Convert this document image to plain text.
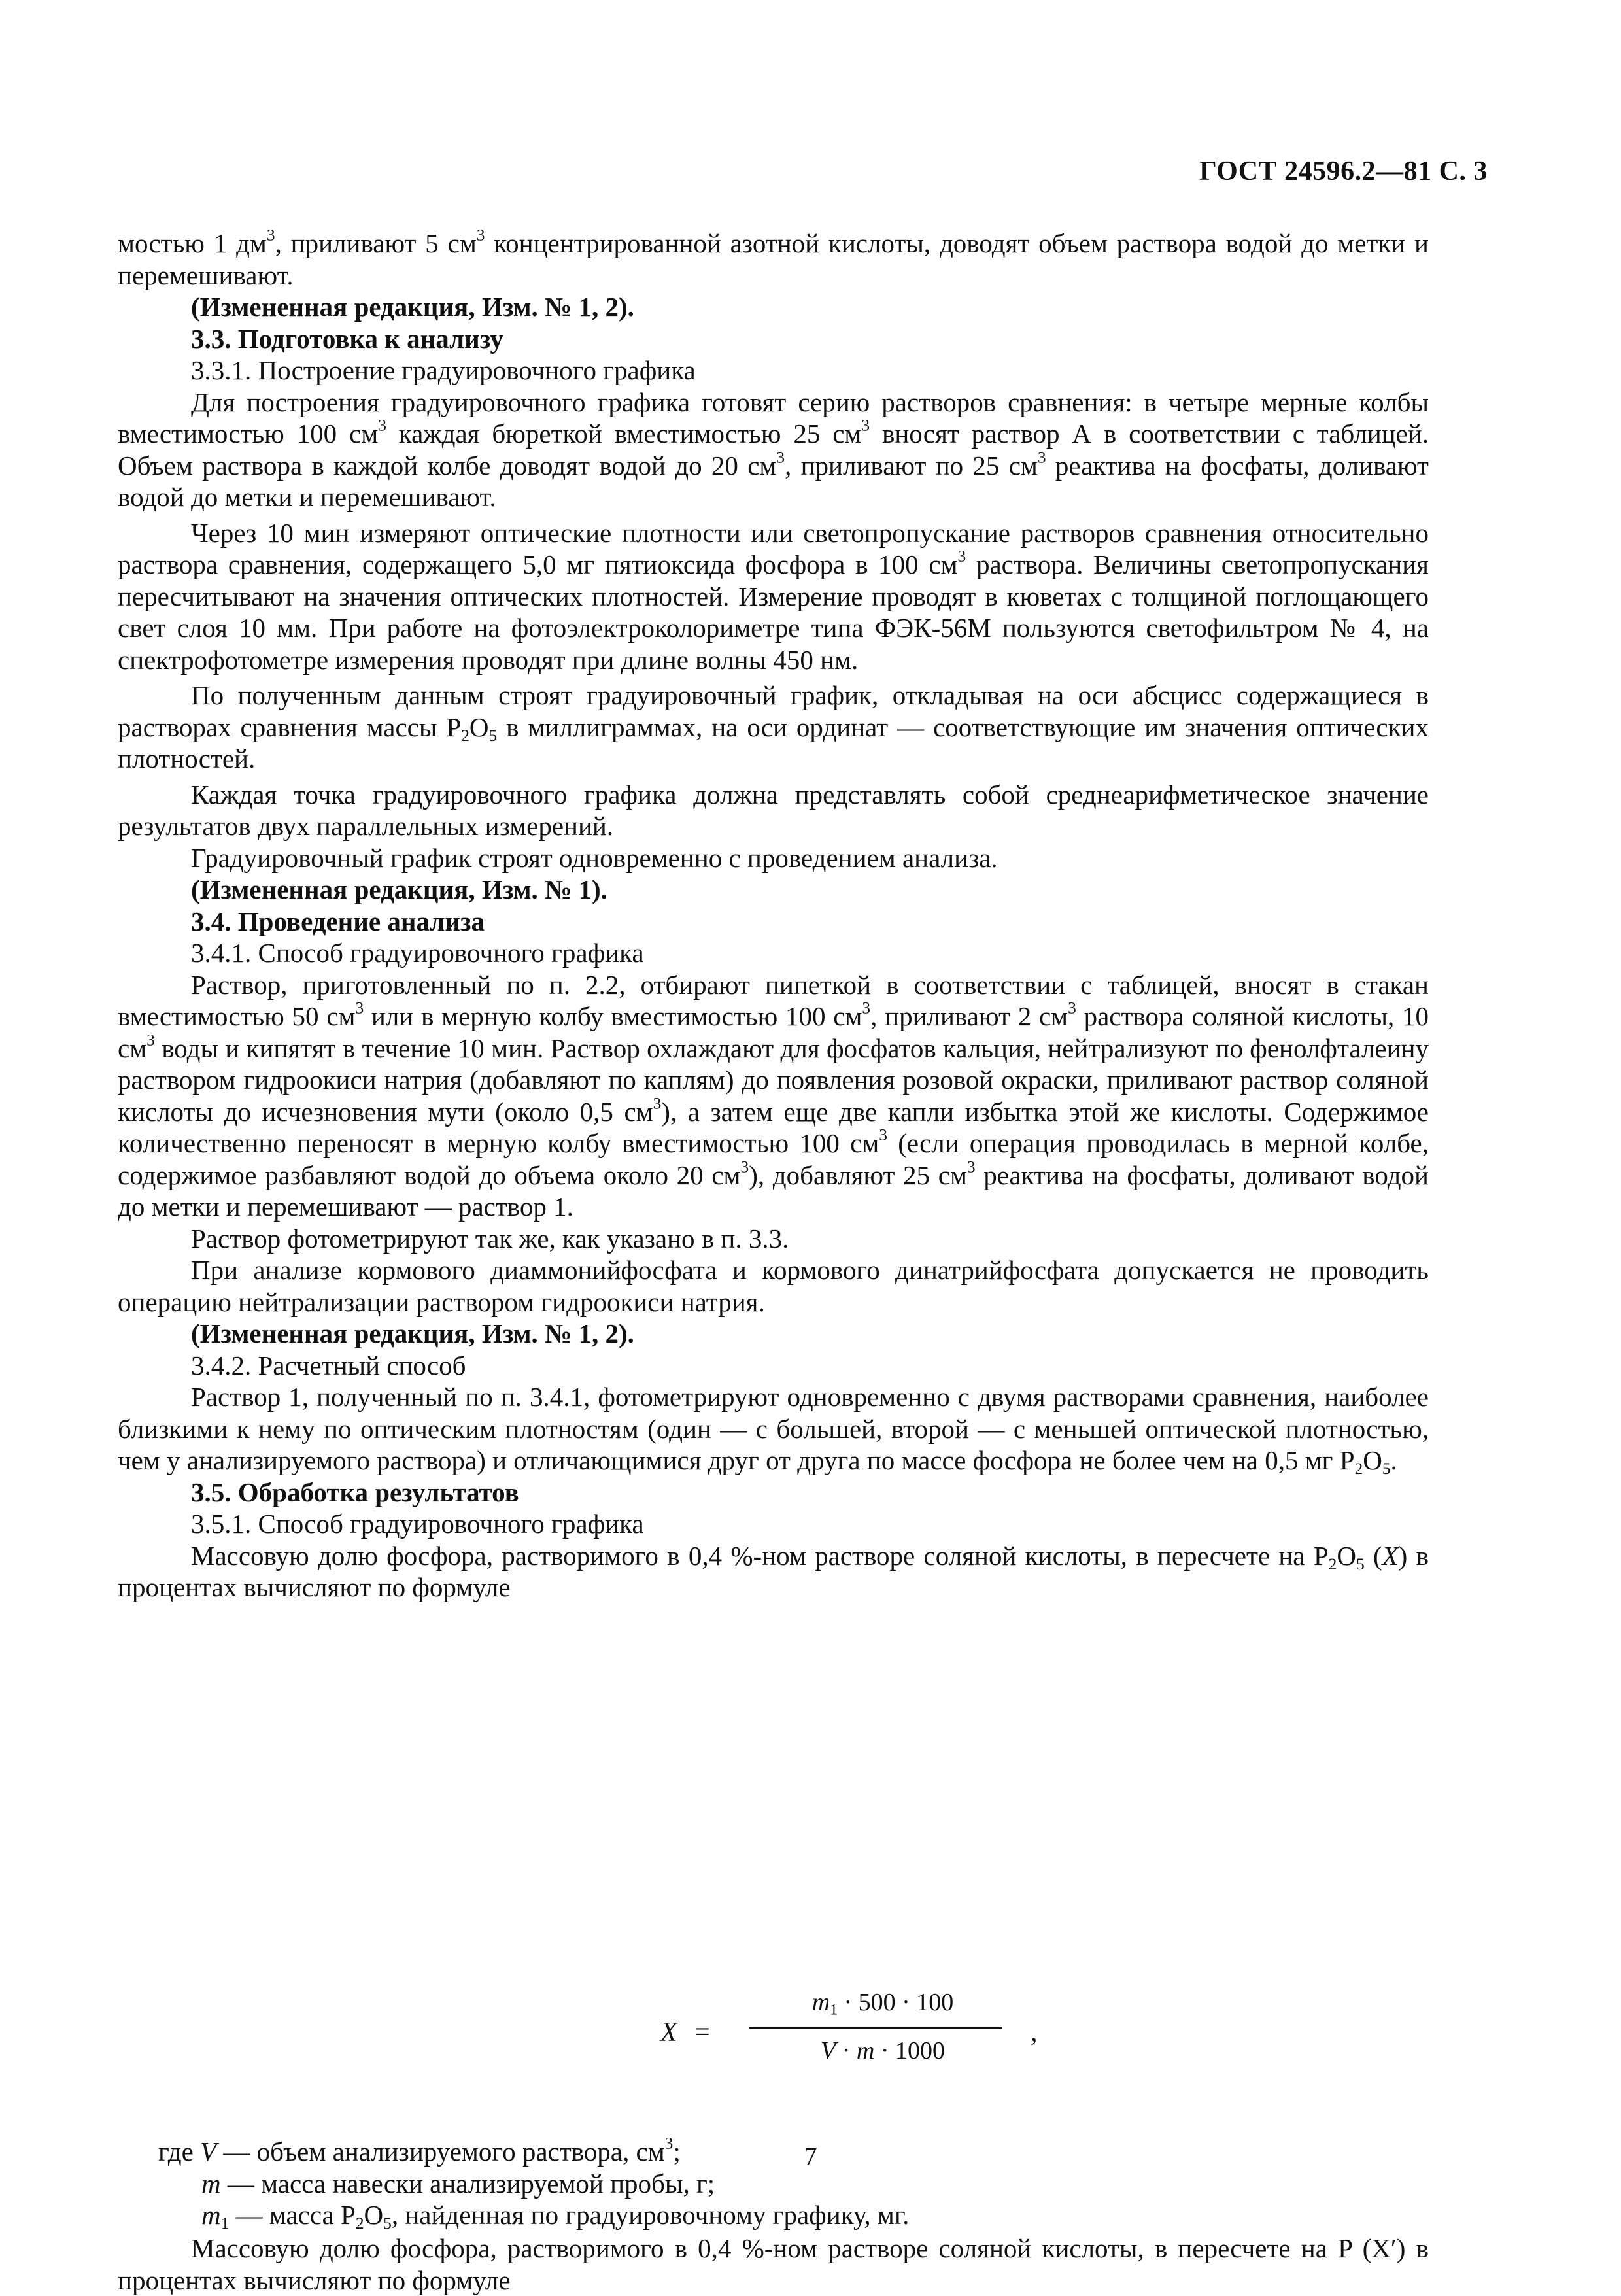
ГОСТ 24596.2—81 С. 3

мостью 1 $дм^3$, приливают 5 $см^3$ концентрированной азотной кислоты, доводят объем раствора водой до метки и перемешивают.

(Измененная редакция, Изм. № 1, 2).

3.3. Подготовка к анализу

3.3.1. Построение градуировочного графика

Для построения градуировочного графика готовят серию растворов сравнения: в четыре мерные колбы вместимостью 100 $см^3$ каждая бюреткой вместимостью 25 $см^3$ вносят раствор А в соответствии с таблицей. Объем раствора в каждой колбе доводят водой до 20 $см^3$, приливают по 25 $см^3$ реактива на фосфаты, доливают водой до метки и перемешивают.

Через 10 мин измеряют оптические плотности или светопропускание растворов сравнения относительно раствора сравнения, содержащего 5,0 мг пятиоксида фосфора в 100 $см^3$ раствора. Величины светопропускания пересчитывают на значения оптических плотностей. Измерение проводят в кюветах с толщиной поглощающего свет слоя 10 мм. При работе на фотоэлектроколориметре типа ФЭК-56М пользуются светофильтром № 4, на спектрофотометре измерения проводят при длине волны 450 нм.

По полученным данным строят градуировочный график, откладывая на оси абсцисс содержащиеся в растворах сравнения массы $P_2O_5$ в миллиграммах, на оси ординат — соответствующие им значения оптических плотностей.

Каждая точка градуировочного графика должна представлять собой среднеарифметическое значение результатов двух параллельных измерений.

Градуировочный график строят одновременно с проведением анализа.

(Измененная редакция, Изм. № 1).

3.4. Проведение анализа

3.4.1. Способ градуировочного графика

Раствор, приготовленный по п. 2.2, отбирают пипеткой в соответствии с таблицей, вносят в стакан вместимостью 50 $см^3$ или в мерную колбу вместимостью 100 $см^3$, приливают 2 $см^3$ раствора соляной кислоты, 10 $см^3$ воды и кипятят в течение 10 мин. Раствор охлаждают для фосфатов кальция, нейтрализуют по фенолфталеину раствором гидроокиси натрия (добавляют по каплям) до появления розовой окраски, приливают раствор соляной кислоты до исчезновения мути (около 0,5 $см^3$), а затем еще две капли избытка этой же кислоты. Содержимое количественно переносят в мерную колбу вместимостью 100 $см^3$ (если операция проводилась в мерной колбе, содержимое разбавляют водой до объема около 20 $см^3$), добавляют 25 $см^3$ реактива на фосфаты, доливают водой до метки и перемешивают — раствор 1.

Раствор фотометрируют так же, как указано в п. 3.3.

При анализе кормового диаммонийфосфата и кормового динатрийфосфата допускается не проводить операцию нейтрализации раствором гидроокиси натрия.

(Измененная редакция, Изм. № 1, 2).

3.4.2. Расчетный способ

Раствор 1, полученный по п. 3.4.1, фотометрируют одновременно с двумя растворами сравнения, наиболее близкими к нему по оптическим плотностям (один — с большей, второй — с меньшей оптической плотностью, чем у анализируемого раствора) и отличающимися друг от друга по массе фосфора не более чем на 0,5 мг $P_2O_5$.

3.5. Обработка результатов

3.5.1. Способ градуировочного графика

Массовую долю фосфора, растворимого в 0,4 %-ном растворе соляной кислоты, в пересчете на $P_2O_5$ (X) в процентах вычисляют по формуле

X =
$m_1 \cdot 500 \cdot 100$
V · m · 1000
,

где V — объем анализируемого раствора, $см^3$;

m — масса навески анализируемой пробы, г;

$m_1$ — масса $P_2O_5$, найденная по градуировочному графику, мг.

Массовую долю фосфора, растворимого в 0,4 %-ном растворе соляной кислоты, в пересчете на P (X′) в процентах вычисляют по формуле

7
